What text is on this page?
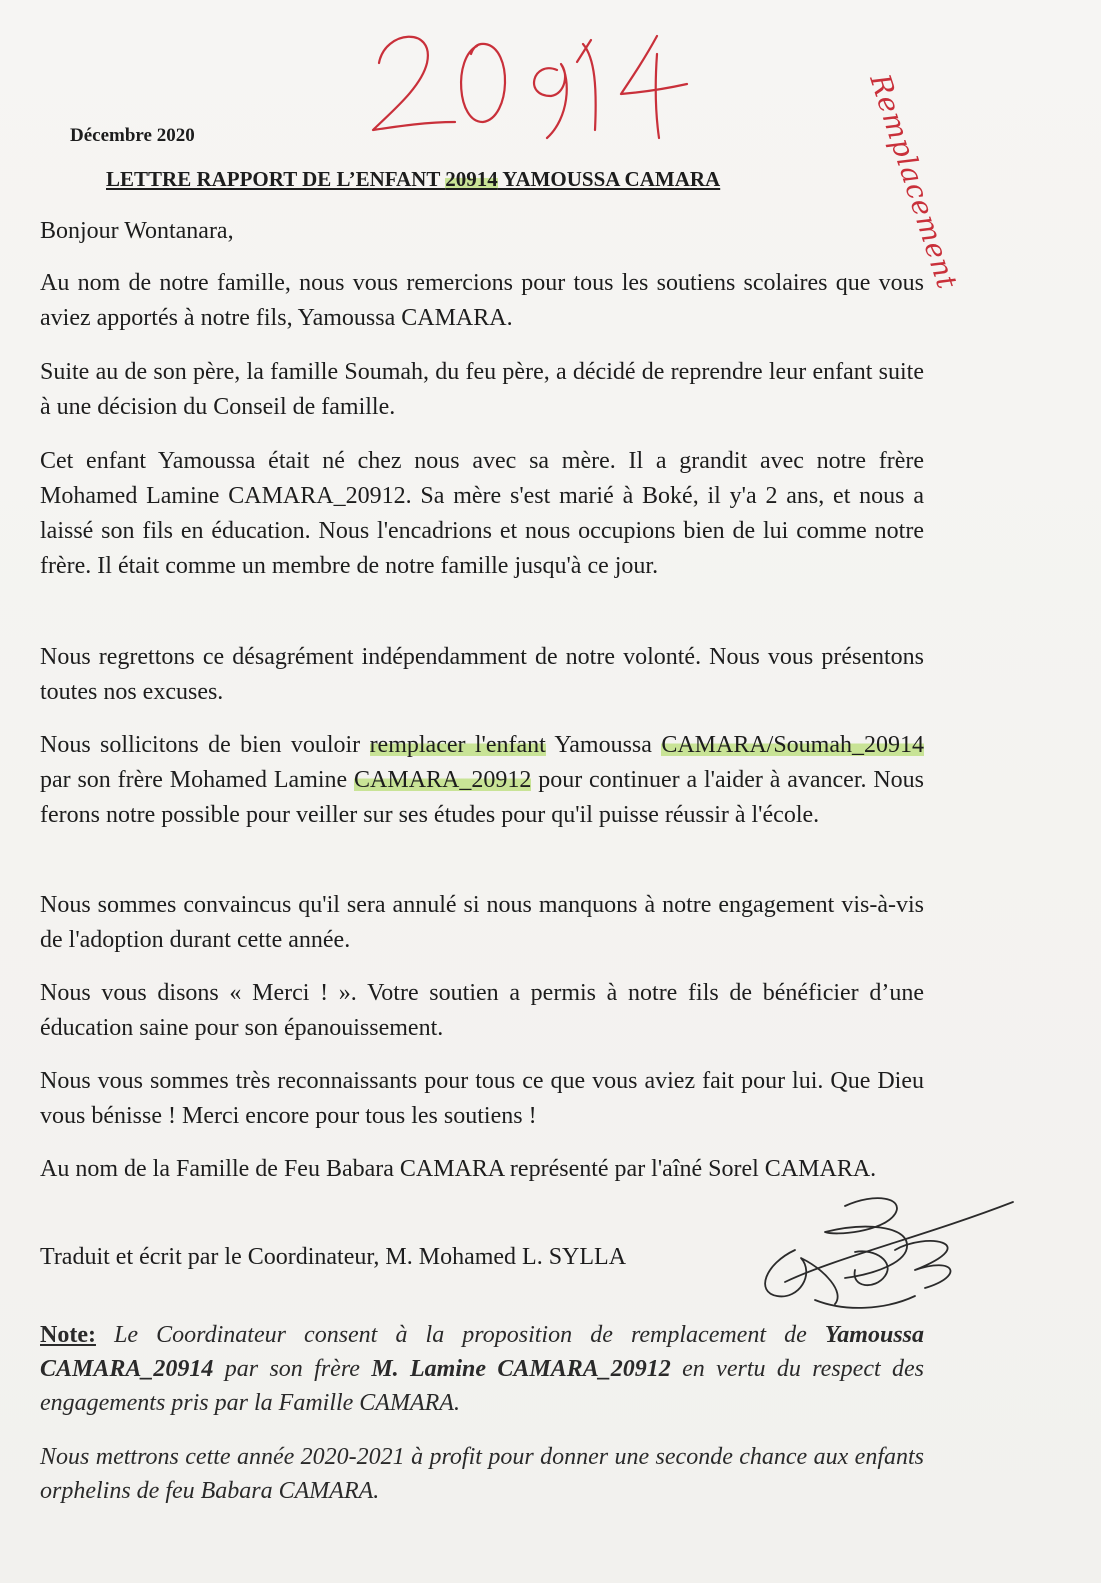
Remplacement
Décembre 2020
LETTRE RAPPORT DE L’ENFANT 20914 YAMOUSSA CAMARA
Bonjour Wontanara,

Au nom de notre famille, nous vous remercions pour tous les soutiens scolaires que vous aviez apportés à notre fils, Yamoussa CAMARA.

Suite au de son père, la famille Soumah, du feu père, a décidé de reprendre leur enfant suite à une décision du Conseil de famille.

Cet enfant Yamoussa était né chez nous avec sa mère. Il a grandit avec notre frère Mohamed Lamine CAMARA_20912. Sa mère s'est marié à Boké, il y'a 2 ans, et nous a laissé son fils en éducation. Nous l'encadrions et nous occupions bien de lui comme notre frère. Il était comme un membre de notre famille jusqu'à ce jour.

Nous regrettons ce désagrément indépendamment de notre volonté. Nous vous présentons toutes nos excuses.

Nous sollicitons de bien vouloir remplacer l'enfant Yamoussa CAMARA/Soumah_20914 par son frère Mohamed Lamine CAMARA_20912 pour continuer a l'aider à avancer. Nous ferons notre possible pour veiller sur ses études pour qu'il puisse réussir à l'école.

Nous sommes convaincus qu'il sera annulé si nous manquons à notre engagement vis-à-vis de l'adoption durant cette année.

Nous vous disons « Merci ! ». Votre soutien a permis à notre fils de bénéficier d’une éducation saine pour son épanouissement.

Nous vous sommes très reconnaissants pour tous ce que vous aviez fait pour lui. Que Dieu vous bénisse ! Merci encore pour tous les soutiens !

Au nom de la Famille de Feu Babara CAMARA représenté par l'aîné Sorel CAMARA.

Traduit et écrit par le Coordinateur, M. Mohamed L. SYLLA

Note: Le Coordinateur consent à la proposition de remplacement de Yamoussa CAMARA_20914 par son frère M. Lamine CAMARA_20912 en vertu du respect des engagements pris par la Famille CAMARA.
Nous mettrons cette année 2020-2021 à profit pour donner une seconde chance aux enfants orphelins de feu Babara CAMARA.
